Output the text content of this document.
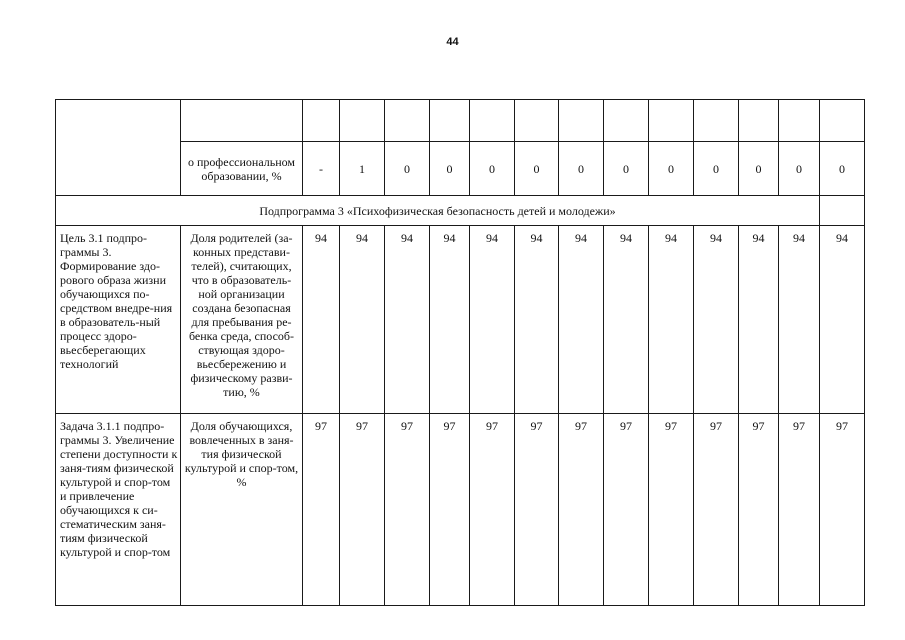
44

	о профессиональном образовании, %	-	1	0	0	0	0	0	0	0	0	0	0	0
Подпрограмма 3 «Психофизическая безопасность детей и молодежи»														
Цель 3.1 подпро-граммы 3. Формирование здо-рового образа жизни обучающихся по-средством внедре-ния в образователь-ный процесс здоро-вьесберегающих технологий	Доля родителей (за-конных представи-телей), считающих, что в образователь-ной организации создана безопасная для пребывания ре-бенка среда, способ-ствующая здоро-вьесбережению и физическому разви-тию, %	94	94	94	94	94	94	94	94	94	94	94	94	94
Задача 3.1.1 подпро-граммы 3. Увеличение степени доступности к заня-тиям физической культурой и спор-том и привлечение обучающихся к си-стематическим заня-тиям физической культурой и спор-том	Доля обучающихся, вовлеченных в заня-тия физической культурой и спор-том, %	97	97	97	97	97	97	97	97	97	97	97	97	97
